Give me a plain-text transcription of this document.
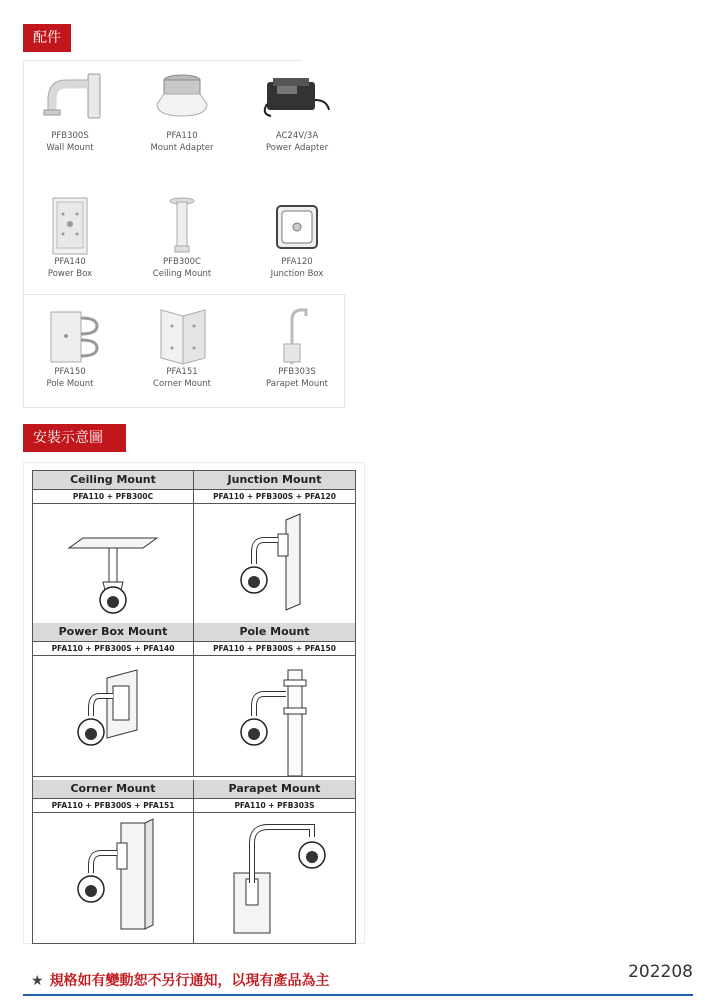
配件
安裝示意圖
PFB300S
Wall Mount
PFA110
Mount Adapter
AC24V/3A
Power Adapter
PFA140
Power Box
PFB300C
Ceiling Mount
PFA120
Junction Box
PFA150
Pole Mount
PFA151
Corner Mount
PFB303S
Parapet Mount
Ceiling Mount
PFA110 + PFB300C
Junction Mount
PFA110 + PFB300S + PFA120
Power Box Mount
PFA110 + PFB300S + PFA140
Pole Mount
PFA110 + PFB300S + PFA150
Corner Mount
PFA110 + PFB300S + PFA151
Parapet Mount
PFA110 + PFB303S
★ 規格如有變動恕不另行通知，以現有產品為主	202208
